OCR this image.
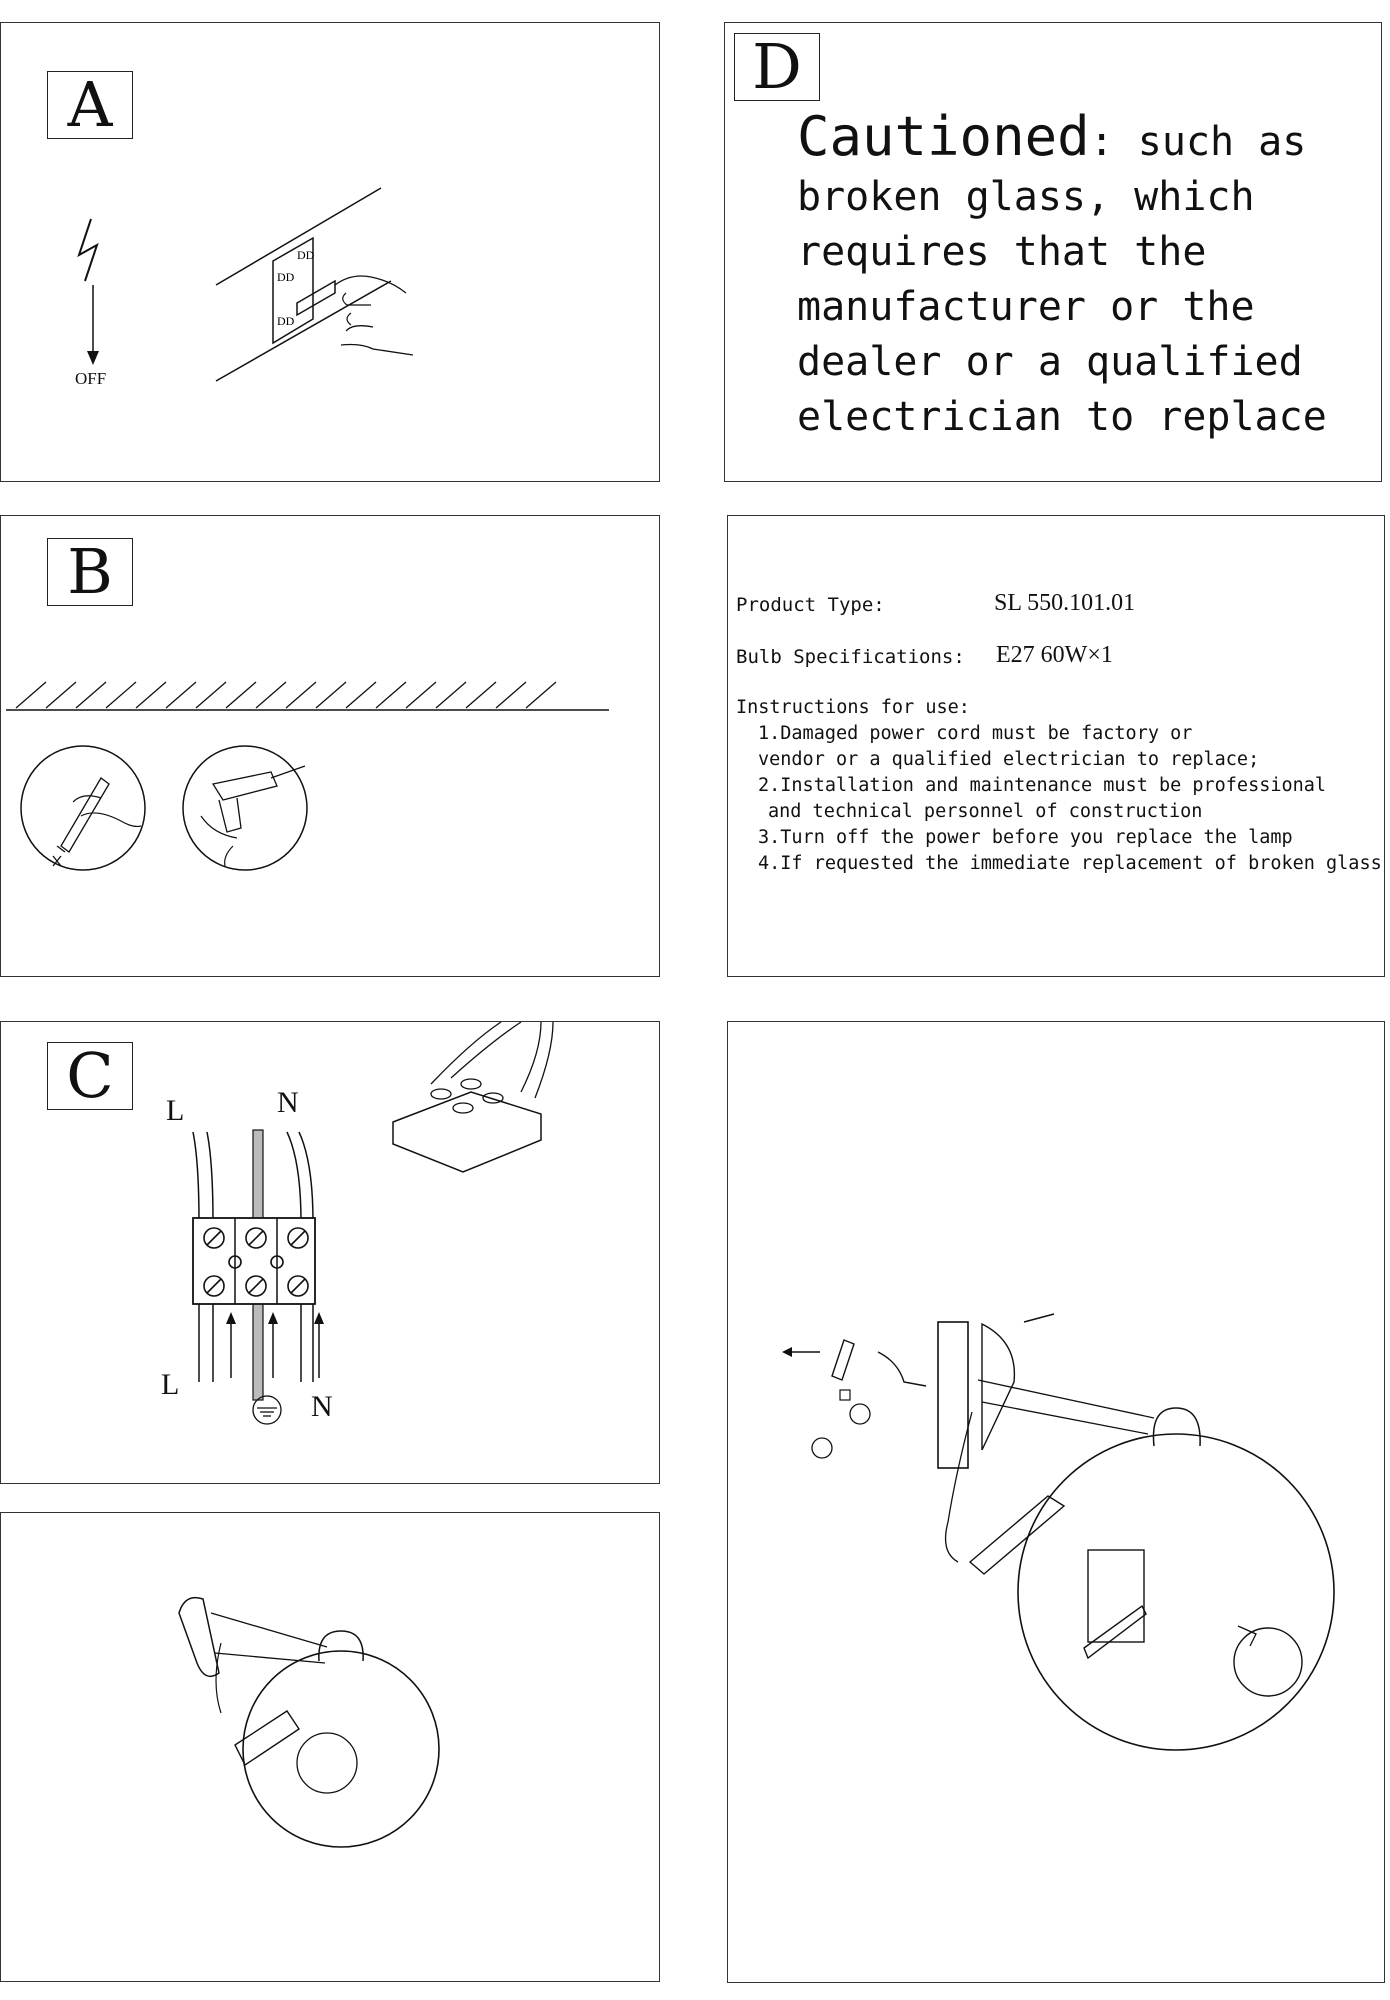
A
DD
DD
DD
OFF
D
Cautioned: such as broken glass, which requires that the manufacturer or the dealer or a qualified electrician to replace
B	Product Type:	SL 550.101.01
Bulb Specifications: E27 60W×1
Instructions for use:
1.Damaged power cord must be factory or
vendor or a qualified electrician to replace;
2.Installation and maintenance must be professional
and technical personnel of construction
3.Turn off the power before you replace the lamp
4.If requested the immediate replacement of broken glass
C	L	N
L
N
